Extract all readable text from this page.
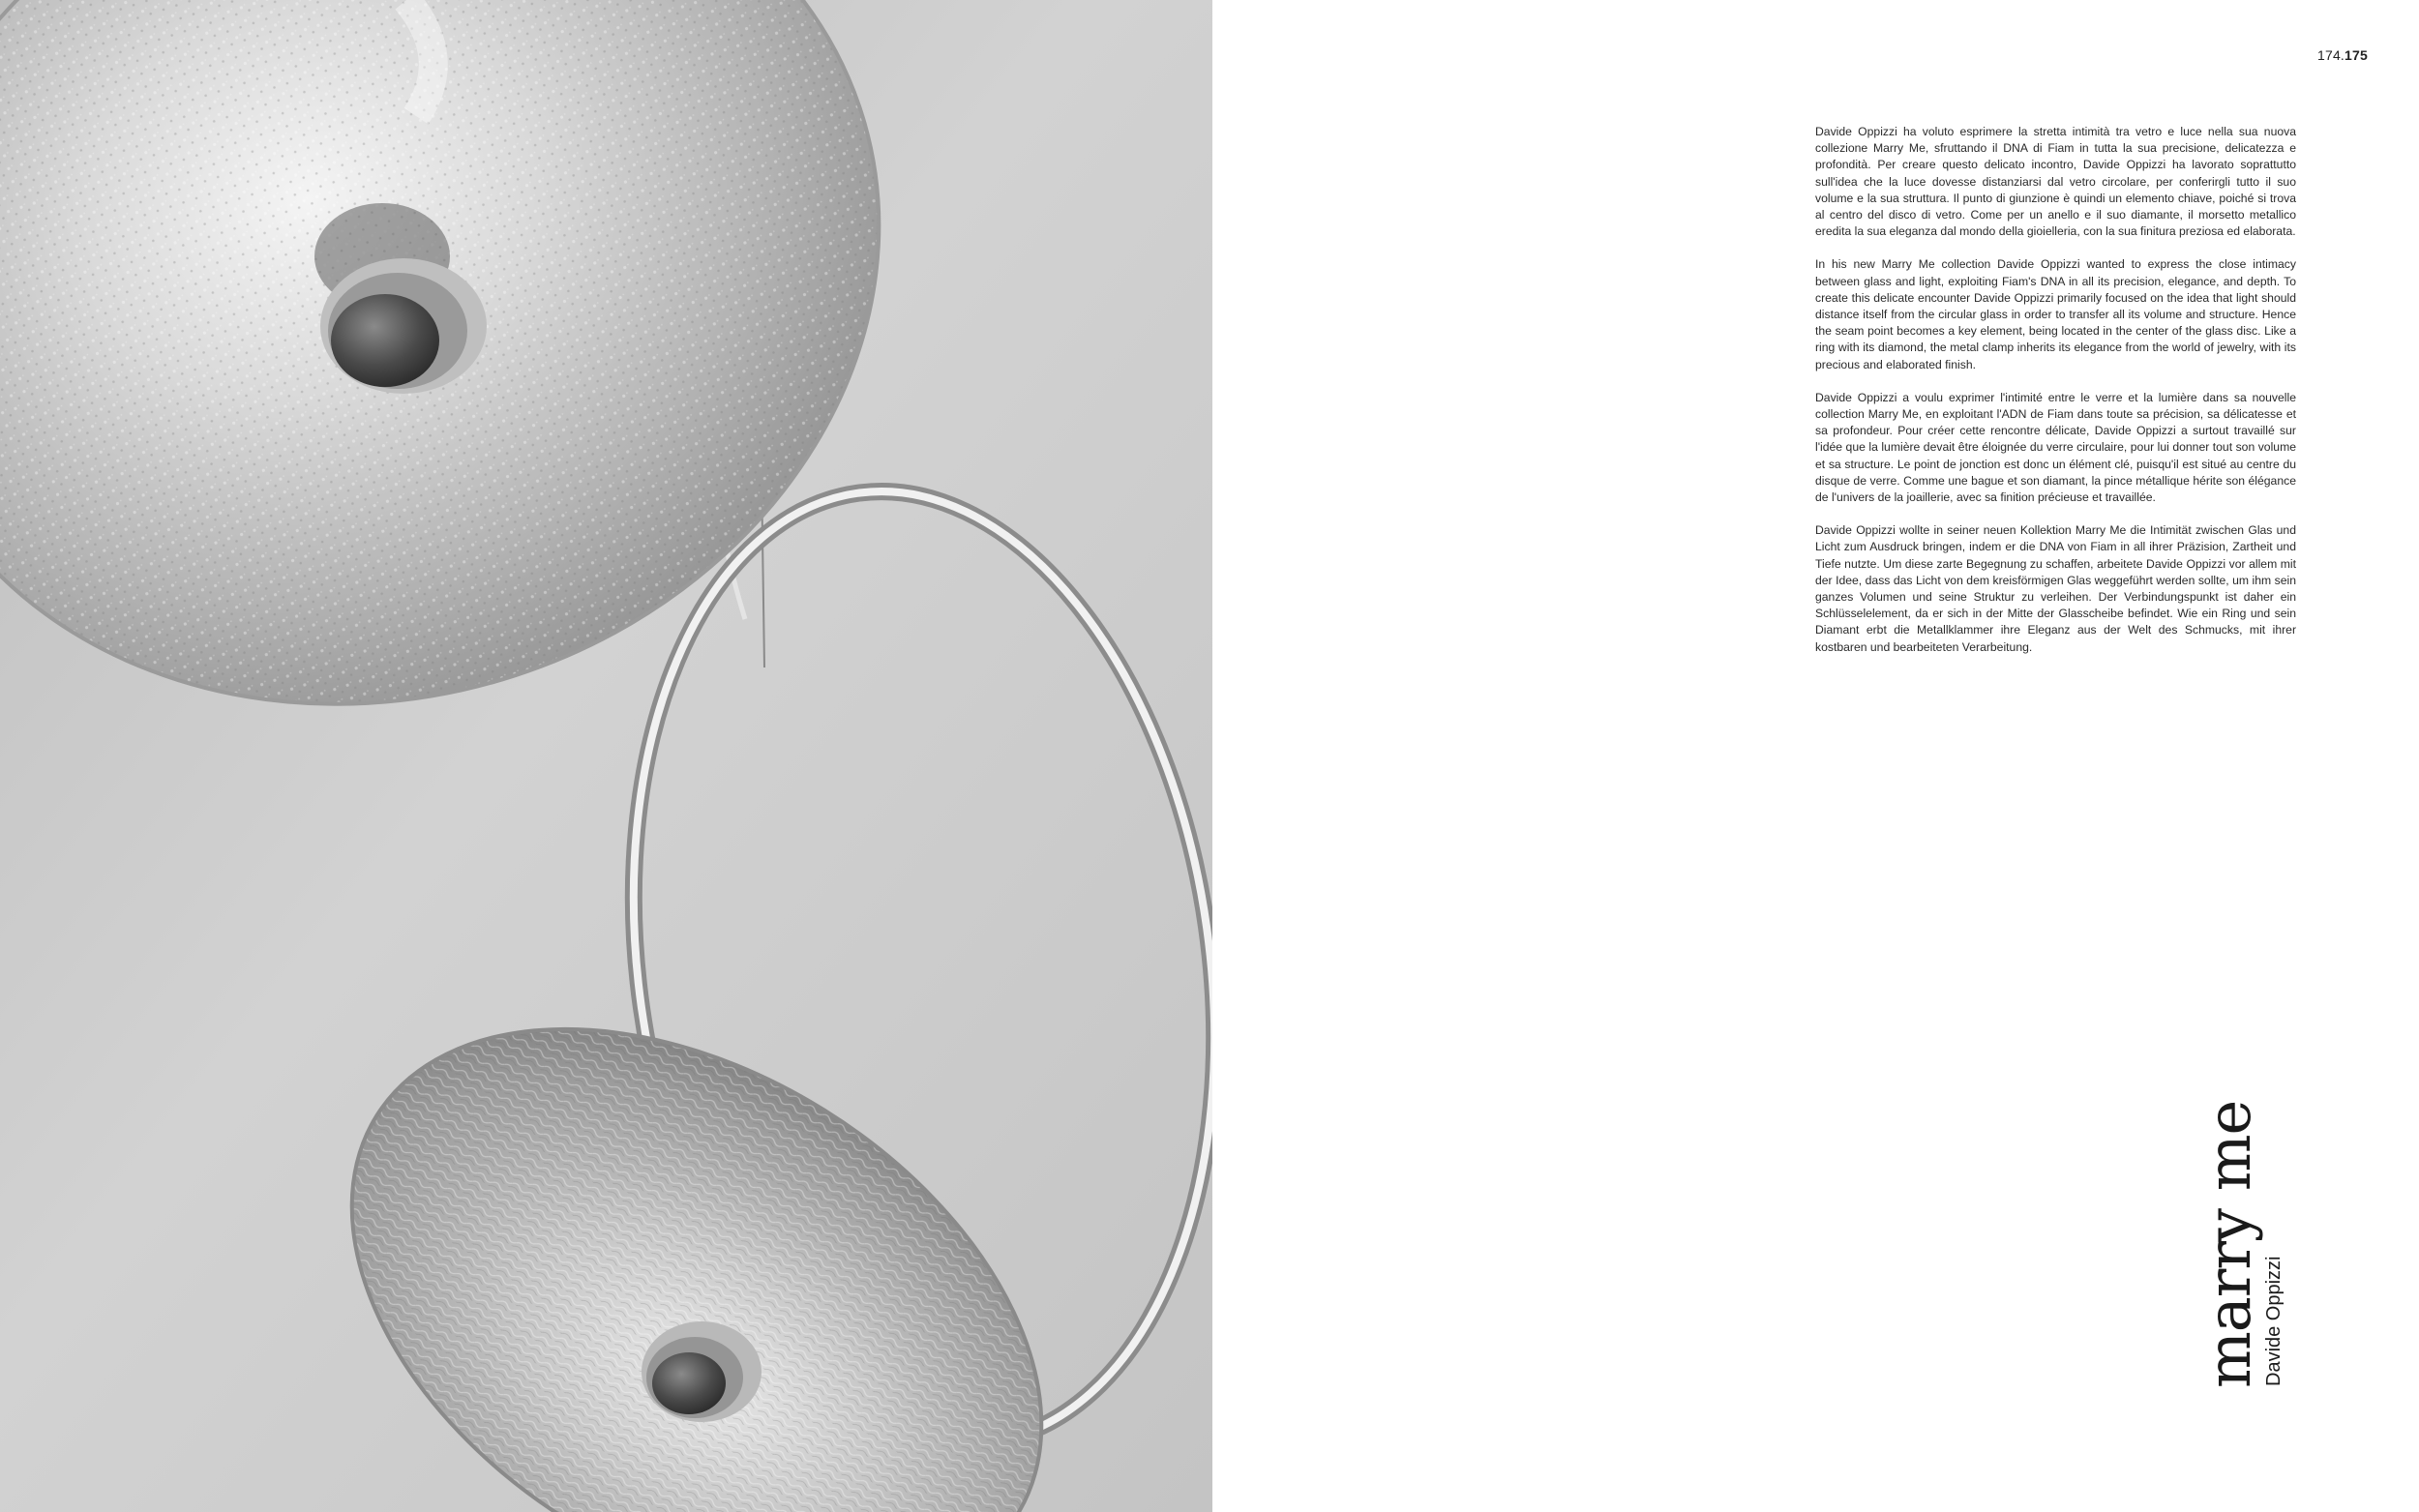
174.175

Davide Oppizzi ha voluto esprimere la stretta intimità tra vetro e luce nella sua nuova collezione Marry Me, sfruttando il DNA di Fiam in tutta la sua precisione, delicatezza e profondità. Per creare questo delicato incontro, Davide Oppizzi ha lavorato soprattutto sull'idea che la luce dovesse distanziarsi dal vetro circolare, per conferirgli tutto il suo volume e la sua struttura. Il punto di giunzione è quindi un elemento chiave, poiché si trova al centro del disco di vetro. Come per un anello e il suo diamante, il morsetto metallico eredita la sua eleganza dal mondo della gioielleria, con la sua finitura preziosa ed elaborata.

In his new Marry Me collection Davide Oppizzi wanted to express the close intimacy between glass and light, exploiting Fiam's DNA in all its precision, elegance, and depth. To create this delicate encounter Davide Oppizzi primarily focused on the idea that light should distance itself from the circular glass in order to transfer all its volume and structure. Hence the seam point becomes a key element, being located in the center of the glass disc. Like a ring with its diamond, the metal clamp inherits its elegance from the world of jewelry, with its precious and elaborated finish.

Davide Oppizzi a voulu exprimer l'intimité entre le verre et la lumière dans sa nouvelle collection Marry Me, en exploitant l'ADN de Fiam dans toute sa précision, sa délicatesse et sa profondeur. Pour créer cette rencontre délicate, Davide Oppizzi a surtout travaillé sur l'idée que la lumière devait être éloignée du verre circulaire, pour lui donner tout son volume et sa structure. Le point de jonction est donc un élément clé, puisqu'il est situé au centre du disque de verre. Comme une bague et son diamant, la pince métallique hérite son élégance de l'univers de la joaillerie, avec sa finition précieuse et travaillée.

Davide Oppizzi wollte in seiner neuen Kollektion Marry Me die Intimität zwischen Glas und Licht zum Ausdruck bringen, indem er die DNA von Fiam in all ihrer Präzision, Zartheit und Tiefe nutzte. Um diese zarte Begegnung zu schaffen, arbeitete Davide Oppizzi vor allem mit der Idee, dass das Licht von dem kreisförmigen Glas weggeführt werden sollte, um ihm sein ganzes Volumen und seine Struktur zu verleihen. Der Verbindungspunkt ist daher ein Schlüsselelement, da er sich in der Mitte der Glasscheibe befindet. Wie ein Ring und sein Diamant erbt die Metallklammer ihre Eleganz aus der Welt des Schmucks, mit ihrer kostbaren und bearbeiteten Verarbeitung.

marry me Davide Oppizzi
